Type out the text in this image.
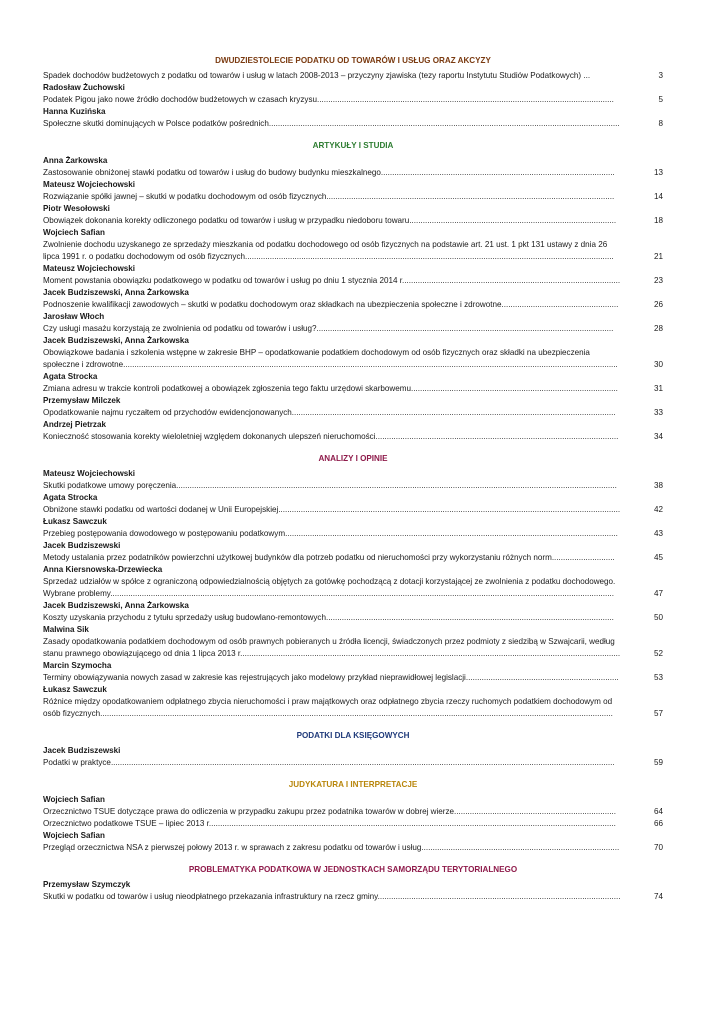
DWUDZIESTOLECIE PODATKU OD TOWARÓW I USŁUG ORAZ AKCYZY
Spadek dochodów budżetowych z podatku od towarów i usług w latach 2008-2013 – przyczyny zjawiska (tezy raportu Instytutu Studiów Podatkowych) ...	3
Radosław Żuchowski
Podatek Pigou jako nowe źródło dochodów budżetowych w czasach kryzysu....................................................................................................................................	5
Hanna Kuzińska
Społeczne skutki dominujących w Polsce podatków pośrednich............................................................................................................................................................	8
ARTYKUŁY I STUDIA
Anna Żarkowska
Zastosowanie obniżonej stawki podatku od towarów i usług do budowy budynku mieszkalnego........................................................................................................	13
Mateusz Wojciechowski
Rozwiązanie spółki jawnej – skutki w podatku dochodowym od osób fizycznych................................................................................................................................	14
Piotr Wesołowski
Obowiązek dokonania korekty odliczonego podatku od towarów i usług w przypadku niedoboru towaru............................................................................................	18
Wojciech Safian
Zwolnienie dochodu uzyskanego ze sprzedaży mieszkania od podatku dochodowego od osób fizycznych na podstawie art. 21 ust. 1 pkt 131 ustawy z dnia 26 lipca 1991 r. o podatku dochodowym od osób fizycznych....................................................................................................................................................................	21
Mateusz Wojciechowski
Moment powstania obowiązku podatkowego w podatku od towarów i usług po dniu 1 stycznia 2014 r.................................................................................................	23
Jacek Budziszewski, Anna Żarkowska
Podnoszenie kwalifikacji zawodowych – skutki w podatku dochodowym oraz składkach na ubezpieczenia społeczne i zdrowotne....................................................	26
Jarosław Włoch
Czy usługi masażu korzystają ze zwolnienia od podatku od towarów i usług?....................................................................................................................................	28
Jacek Budziszewski, Anna Żarkowska
Obowiązkowe badania i szkolenia wstępne w zakresie BHP – opodatkowanie podatkiem dochodowym od osób fizycznych oraz składki na ubezpieczenia społeczne i zdrowotne............................................................................................................................................................................................................................	30
Agata Strocka
Zmiana adresu w trakcie kontroli podatkowej a obowiązek zgłoszenia tego faktu urzędowi skarbowemu............................................................................................	31
Przemysław Milczek
Opodatkowanie najmu ryczałtem od przychodów ewidencjonowanych................................................................................................................................................	33
Andrzej Pietrzak
Konieczność stosowania korekty wieloletniej względem dokonanych ulepszeń nieruchomości............................................................................................................	34
ANALIZY I OPINIE
Mateusz Wojciechowski
Skutki podatkowe umowy poręczenia....................................................................................................................................................................................................	38
Agata Strocka
Obniżone stawki podatku od wartości dodanej w Unii Europejskiej........................................................................................................................................................	42
Łukasz Sawczuk
Przebieg postępowania dowodowego w postępowaniu podatkowym....................................................................................................................................................	43
Jacek Budziszewski
Metody ustalania przez podatników powierzchni użytkowej budynków dla potrzeb podatku od nieruchomości przy wykorzystaniu różnych norm............................	45
Anna Kiersnowska-Drzewiecka
Sprzedaż udziałów w spółce z ograniczoną odpowiedzialnością objętych za gotówkę pochodzącą z dotacji korzystającej ze zwolnienia z podatku dochodowego. Wybrane problemy................................................................................................................................................................................................................................	47
Jacek Budziszewski, Anna Żarkowska
Koszty uzyskania przychodu z tytułu sprzedaży usług budowlano-remontowych................................................................................................................................	50
Malwina Sik
Zasady opodatkowania podatkiem dochodowym od osób prawnych pobieranych u źródła licencji, świadczonych przez podmioty z siedzibą w Szwajcarii, według stanu prawnego obowiązującego od dnia 1 lipca 2013 r.........................................................................................................................................................................	52
Marcin Szymocha
Terminy obowiązywania nowych zasad w zakresie kas rejestrujących jako modelowy przykład nieprawidłowej legislacji....................................................................	53
Łukasz Sawczuk
Różnice między opodatkowaniem odpłatnego zbycia nieruchomości i praw majątkowych oraz odpłatnego zbycia rzeczy ruchomych podatkiem dochodowym od osób fizycznych....................................................................................................................................................................................................................................	57
PODATKI DLA KSIĘGOWYCH
Jacek Budziszewski
Podatki w praktyce................................................................................................................................................................................................................................	59
JUDYKATURA I INTERPRETACJE
Wojciech Safian
Orzecznictwo TSUE dotyczące prawa do odliczenia w przypadku zakupu przez podatnika towarów w dobrej wierze........................................................................	64
Orzecznictwo podatkowe TSUE – lipiec 2013 r.....................................................................................................................................................................................	66
Wojciech Safian
Przegląd orzecznictwa NSA z pierwszej połowy 2013 r. w sprawach z zakresu podatku od towarów i usług........................................................................................	70
PROBLEMATYKA PODATKOWA W JEDNOSTKACH SAMORZĄDU TERYTORIALNEGO
Przemysław Szymczyk
Skutki w podatku od towarów i usług nieodpłatnego przekazania infrastruktury na rzecz gminy............................................................................................................	74
